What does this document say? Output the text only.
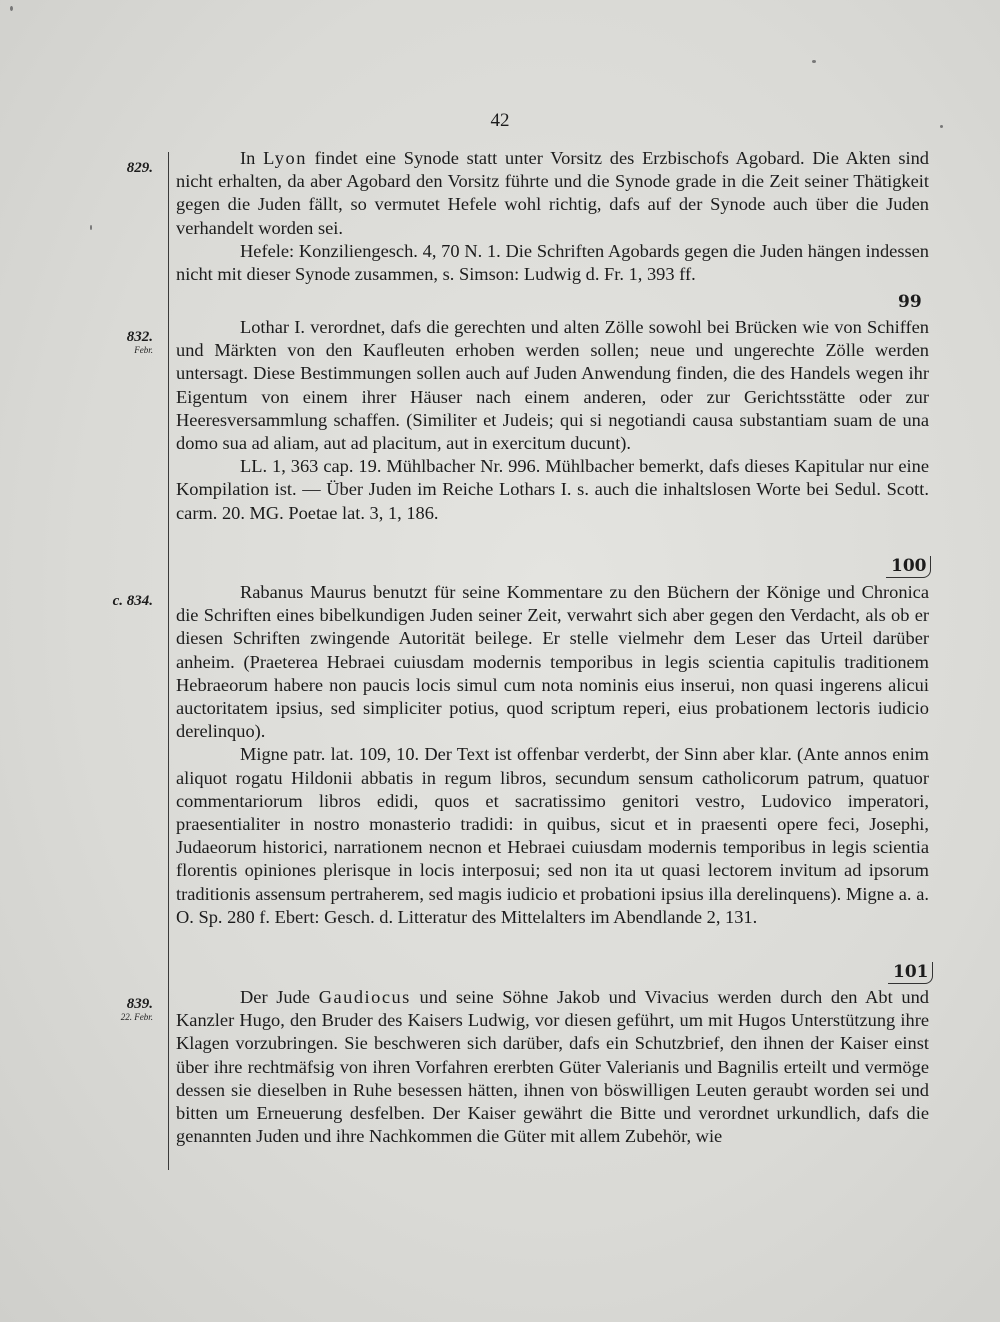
42
829.	In Lyon findet eine Synode statt unter Vorsitz des Erzbischofs Agobard. Die Akten sind nicht erhalten, da aber Agobard den Vorsitz führte und die Synode grade in die Zeit seiner Thätigkeit gegen die Juden fällt, so vermutet Hefele wohl richtig, dafs auf der Synode auch über die Juden verhandelt worden sei.

Hefele: Konziliengesch. 4, 70 N. 1. Die Schriften Agobards gegen die Juden hängen indessen nicht mit dieser Synode zusammen, s. Simson: Ludwig d. Fr. 1, 393 ff.

99
832.
Febr.

Lothar I. verordnet, dafs die gerechten und alten Zölle sowohl bei Brücken wie von Schiffen und Märkten von den Kaufleuten erhoben werden sollen; neue und ungerechte Zölle werden untersagt. Diese Bestimmungen sollen auch auf Juden Anwendung finden, die des Handels wegen ihr Eigentum von einem ihrer Häuser nach einem anderen, oder zur Gerichtsstätte oder zur Heeresversammlung schaffen. (Similiter et Judeis; qui si negotiandi causa substantiam suam de una domo sua ad aliam, aut ad placitum, aut in exercitum ducunt).

LL. 1, 363 cap. 19. Mühlbacher Nr. 996. Mühlbacher bemerkt, dafs dieses Kapitular nur eine Kompilation ist. — Über Juden im Reiche Lothars I. s. auch die inhaltslosen Worte bei Sedul. Scott. carm. 20. MG. Poetae lat. 3, 1, 186.

100
c. 834.	Rabanus Maurus benutzt für seine Kommentare zu den Büchern der Könige und Chronica die Schriften eines bibelkundigen Juden seiner Zeit, verwahrt sich aber gegen den Verdacht, als ob er diesen Schriften zwingende Autorität beilege. Er stelle vielmehr dem Leser das Urteil darüber anheim. (Praeterea Hebraei cuiusdam modernis temporibus in legis scientia capitulis traditionem Hebraeorum habere non paucis locis simul cum nota nominis eius inserui, non quasi ingerens alicui auctoritatem ipsius, sed simpliciter potius, quod scriptum reperi, eius probationem lectoris iudicio derelinquo).

Migne patr. lat. 109, 10. Der Text ist offenbar verderbt, der Sinn aber klar. (Ante annos enim aliquot rogatu Hildonii abbatis in regum libros, secundum sensum catholicorum patrum, quatuor commentariorum libros edidi, quos et sacratissimo genitori vestro, Ludovico imperatori, praesentialiter in nostro monasterio tradidi: in quibus, sicut et in praesenti opere feci, Josephi, Judaeorum historici, narrationem necnon et Hebraei cuiusdam modernis temporibus in legis scientia florentis opiniones plerisque in locis interposui; sed non ita ut quasi lectorem invitum ad ipsorum traditionis assensum pertraherem, sed magis iudicio et probationi ipsius illa derelinquens). Migne a. a. O. Sp. 280 f. Ebert: Gesch. d. Litteratur des Mittelalters im Abendlande 2, 131.

101
839.
22. Febr.

Der Jude Gaudiocus und seine Söhne Jakob und Vivacius werden durch den Abt und Kanzler Hugo, den Bruder des Kaisers Ludwig, vor diesen geführt, um mit Hugos Unterstützung ihre Klagen vorzubringen. Sie beschweren sich darüber, dafs ein Schutzbrief, den ihnen der Kaiser einst über ihre rechtmäfsig von ihren Vorfahren ererbten Güter Valerianis und Bagnilis erteilt und vermöge dessen sie dieselben in Ruhe besessen hätten, ihnen von böswilligen Leuten geraubt worden sei und bitten um Erneuerung desfelben. Der Kaiser gewährt die Bitte und verordnet urkundlich, dafs die genannten Juden und ihre Nachkommen die Güter mit allem Zubehör, wie
